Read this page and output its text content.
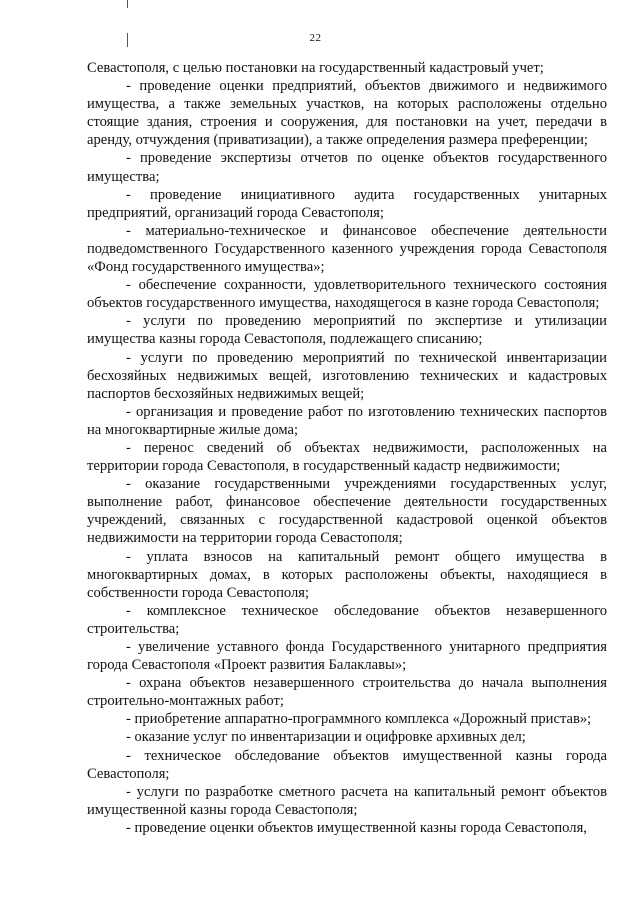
22

Севастополя, с целью постановки на государственный кадастровый учет;

- проведение оценки предприятий, объектов движимого и недвижимого имущества, а также земельных участков, на которых расположены отдельно стоящие здания, строения и сооружения, для постановки на учет, передачи в аренду, отчуждения (приватизации), а также определения размера преференции;

- проведение экспертизы отчетов по оценке объектов государственного имущества;

- проведение инициативного аудита государственных унитарных предприятий, организаций города Севастополя;

- материально-техническое и финансовое обеспечение деятельности подведомственного Государственного казенного учреждения города Севастополя «Фонд государственного имущества»;

- обеспечение сохранности, удовлетворительного технического состояния объектов государственного имущества, находящегося в казне города Севастополя;

- услуги по проведению мероприятий по экспертизе и утилизации имущества казны города Севастополя, подлежащего списанию;

- услуги по проведению мероприятий по технической инвентаризации бесхозяйных недвижимых вещей, изготовлению технических и кадастровых паспортов бесхозяйных недвижимых вещей;

- организация и проведение работ по изготовлению технических паспортов на многоквартирные жилые дома;

- перенос сведений об объектах недвижимости, расположенных на территории города Севастополя, в государственный кадастр недвижимости;

- оказание государственными учреждениями государственных услуг, выполнение работ, финансовое обеспечение деятельности государственных учреждений, связанных с государственной кадастровой оценкой объектов недвижимости на территории города Севастополя;

- уплата взносов на капитальный ремонт общего имущества в многоквартирных домах, в которых расположены объекты, находящиеся в собственности города Севастополя;

- комплексное техническое обследование объектов незавершенного строительства;

- увеличение уставного фонда Государственного унитарного предприятия города Севастополя «Проект развития Балаклавы»;

- охрана объектов незавершенного строительства до начала выполнения строительно-монтажных работ;

- приобретение аппаратно-программного комплекса «Дорожный пристав»;

- оказание услуг по инвентаризации и оцифровке архивных дел;

- техническое обследование объектов имущественной казны города Севастополя;

- услуги по разработке сметного расчета на капитальный ремонт объектов имущественной казны города Севастополя;

- проведение оценки объектов имущественной казны города Севастополя,
